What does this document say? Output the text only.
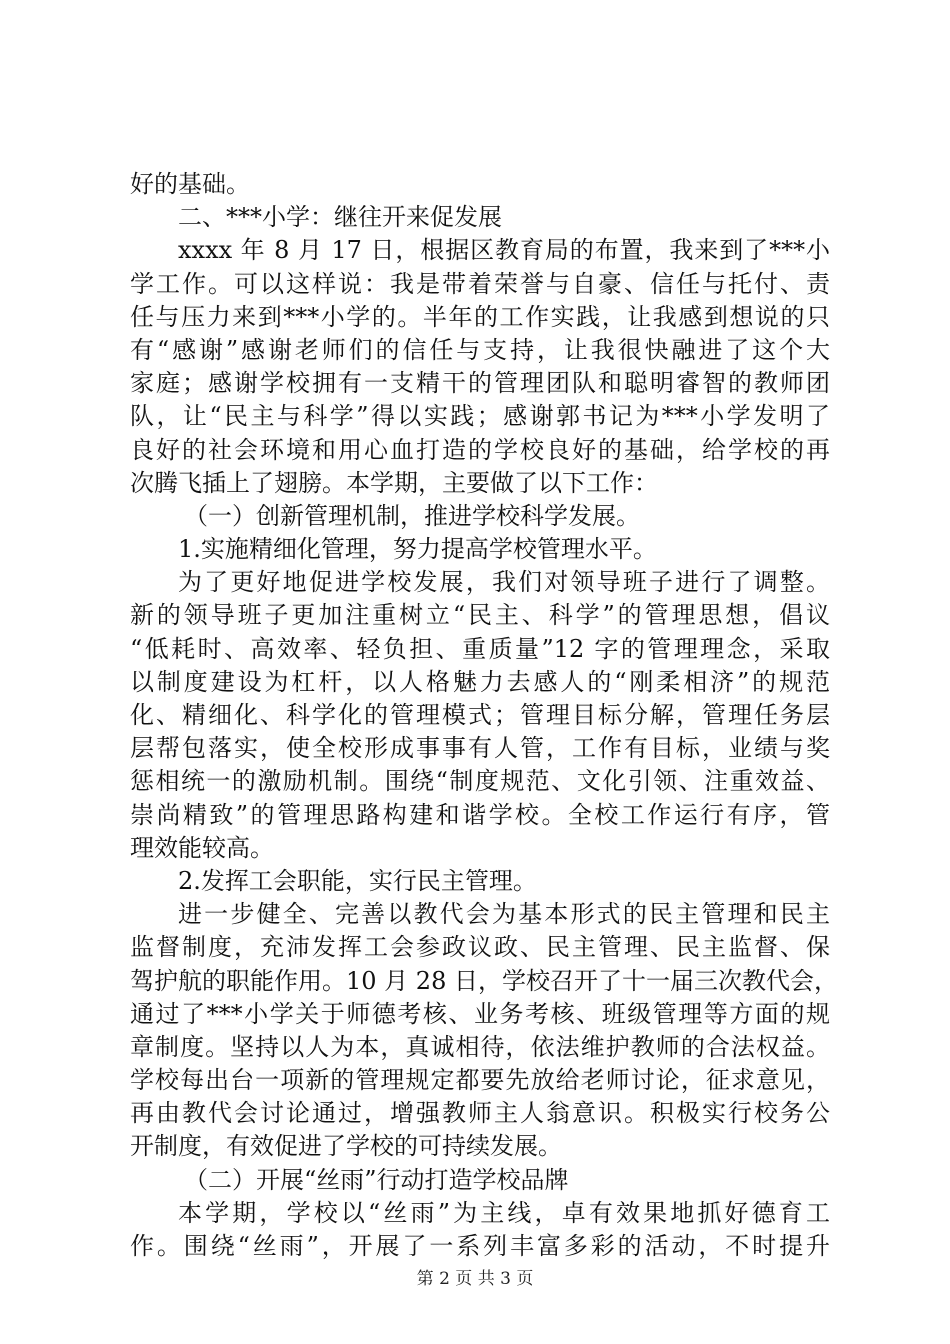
好的基础。
二、***小学：继往开来促发展
xxxx 年 8 月 17 日，根据区教育局的布置，我来到了***小
学工作。可以这样说：我是带着荣誉与自豪、信任与托付、责
任与压力来到***小学的。半年的工作实践，让我感到想说的只
有“感谢”感谢老师们的信任与支持，让我很快融进了这个大
家庭；感谢学校拥有一支精干的管理团队和聪明睿智的教师团
队，让“民主与科学”得以实践；感谢郭书记为***小学发明了
良好的社会环境和用心血打造的学校良好的基础，给学校的再
次腾飞插上了翅膀。本学期，主要做了以下工作：
（一）创新管理机制，推进学校科学发展。
1.实施精细化管理，努力提高学校管理水平。
为了更好地促进学校发展，我们对领导班子进行了调整。
新的领导班子更加注重树立“民主、科学”的管理思想，倡议
“低耗时、高效率、轻负担、重质量”12 字的管理理念，采取
以制度建设为杠杆，以人格魅力去感人的“刚柔相济”的规范
化、精细化、科学化的管理模式；管理目标分解，管理任务层
层帮包落实，使全校形成事事有人管，工作有目标，业绩与奖
惩相统一的激励机制。围绕“制度规范、文化引领、注重效益、
崇尚精致”的管理思路构建和谐学校。全校工作运行有序，管
理效能较高。
2.发挥工会职能，实行民主管理。
进一步健全、完善以教代会为基本形式的民主管理和民主
监督制度，充沛发挥工会参政议政、民主管理、民主监督、保
驾护航的职能作用。10 月 28 日，学校召开了十一届三次教代会，
通过了***小学关于师德考核、业务考核、班级管理等方面的规
章制度。坚持以人为本，真诚相待，依法维护教师的合法权益。
学校每出台一项新的管理规定都要先放给老师讨论，征求意见，
再由教代会讨论通过，增强教师主人翁意识。积极实行校务公
开制度，有效促进了学校的可持续发展。
（二）开展“丝雨”行动打造学校品牌
本学期，学校以“丝雨”为主线，卓有效果地抓好德育工
作。围绕“丝雨”，开展了一系列丰富多彩的活动，不时提升
第 2 页 共 3 页
